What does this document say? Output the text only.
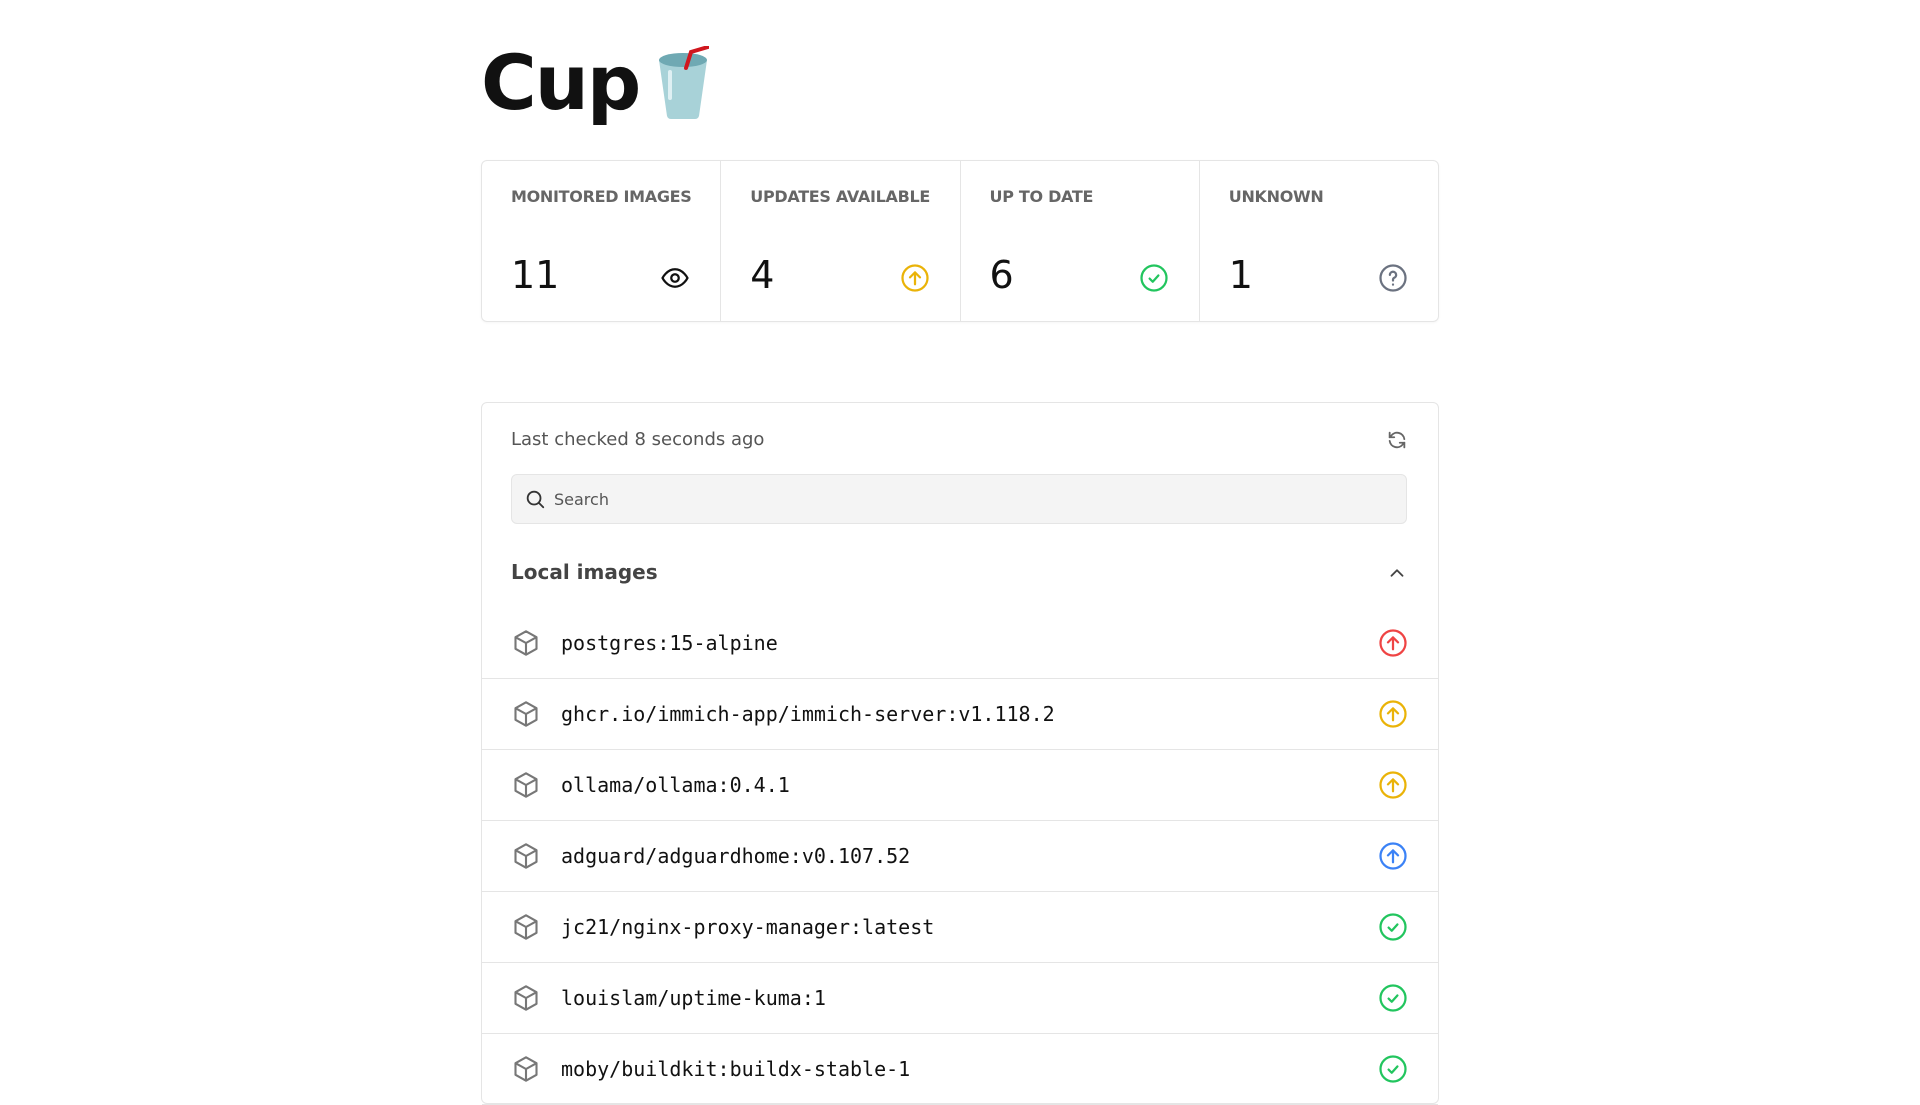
Cup
MONITORED IMAGES
11
UPDATES AVAILABLE
4
UP TO DATE
6
UNKNOWN
1
Last checked 8 seconds ago
Search
Local images
postgres:15-alpine
ghcr.io/immich-app/immich-server:v1.118.2
ollama/ollama:0.4.1
adguard/adguardhome:v0.107.52
jc21/nginx-proxy-manager:latest
louislam/uptime-kuma:1
moby/buildkit:buildx-stable-1
